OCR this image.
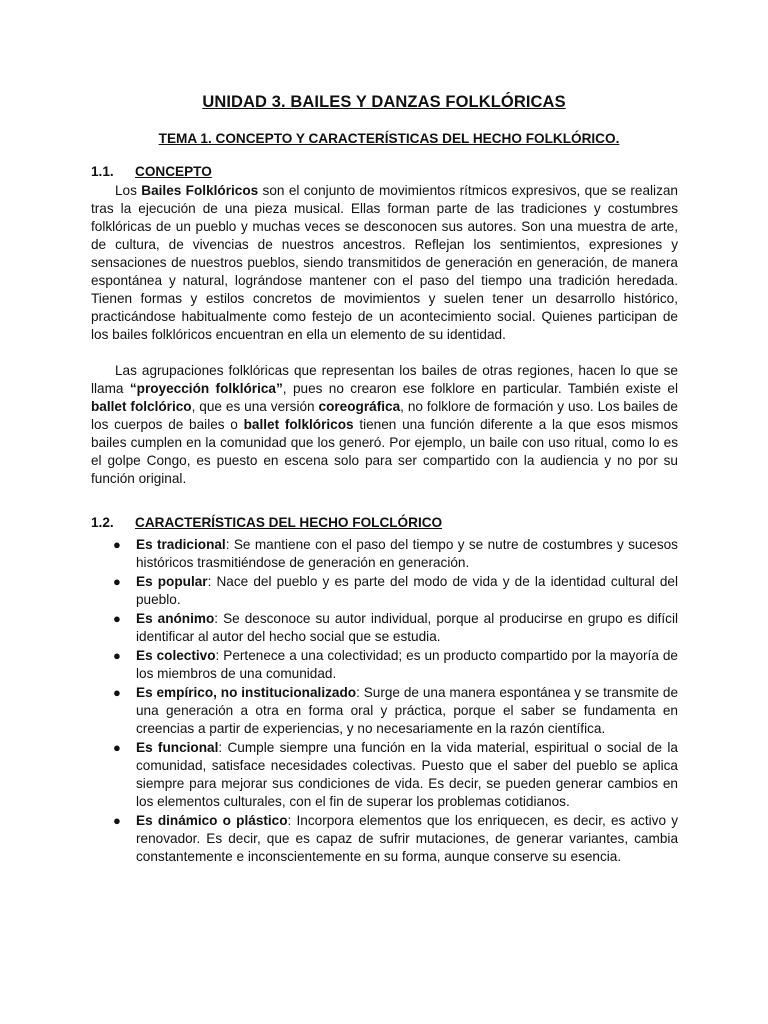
UNIDAD 3. BAILES Y DANZAS FOLKLÓRICAS
TEMA 1. CONCEPTO Y CARACTERÍSTICAS DEL HECHO FOLKLÓRICO.
1.1. CONCEPTO

Los Bailes Folklóricos son el conjunto de movimientos rítmicos expresivos, que se realizan tras la ejecución de una pieza musical. Ellas forman parte de las tradiciones y costumbres folklóricas de un pueblo y muchas veces se desconocen sus autores. Son una muestra de arte, de cultura, de vivencias de nuestros ancestros. Reflejan los sentimientos, expresiones y sensaciones de nuestros pueblos, siendo transmitidos de generación en generación, de manera espontánea y natural, lográndose mantener con el paso del tiempo una tradición heredada. Tienen formas y estilos concretos de movimientos y suelen tener un desarrollo histórico, practicándose habitualmente como festejo de un acontecimiento social. Quienes participan de los bailes folklóricos encuentran en ella un elemento de su identidad.

Las agrupaciones folklóricas que representan los bailes de otras regiones, hacen lo que se llama “proyección folklórica”, pues no crearon ese folklore en particular. También existe el ballet folclórico, que es una versión coreográfica, no folklore de formación y uso. Los bailes de los cuerpos de bailes o ballet folklóricos tienen una función diferente a la que esos mismos bailes cumplen en la comunidad que los generó. Por ejemplo, un baile con uso ritual, como lo es el golpe Congo, es puesto en escena solo para ser compartido con la audiencia y no por su función original.

1.2. CARACTERÍSTICAS DEL HECHO FOLCLÓRICO
● Es tradicional: Se mantiene con el paso del tiempo y se nutre de costumbres y sucesos históricos trasmitiéndose de generación en generación.
● Es popular: Nace del pueblo y es parte del modo de vida y de la identidad cultural del pueblo.
● Es anónimo: Se desconoce su autor individual, porque al producirse en grupo es difícil identificar al autor del hecho social que se estudia.
● Es colectivo: Pertenece a una colectividad; es un producto compartido por la mayoría de los miembros de una comunidad.
● Es empírico, no institucionalizado: Surge de una manera espontánea y se transmite de una generación a otra en forma oral y práctica, porque el saber se fundamenta en creencias a partir de experiencias, y no necesariamente en la razón científica.
● Es funcional: Cumple siempre una función en la vida material, espiritual o social de la comunidad, satisface necesidades colectivas. Puesto que el saber del pueblo se aplica siempre para mejorar sus condiciones de vida. Es decir, se pueden generar cambios en los elementos culturales, con el fin de superar los problemas cotidianos.
● Es dinámico o plástico: Incorpora elementos que los enriquecen, es decir, es activo y renovador. Es decir, que es capaz de sufrir mutaciones, de generar variantes, cambia constantemente e inconscientemente en su forma, aunque conserve su esencia.
